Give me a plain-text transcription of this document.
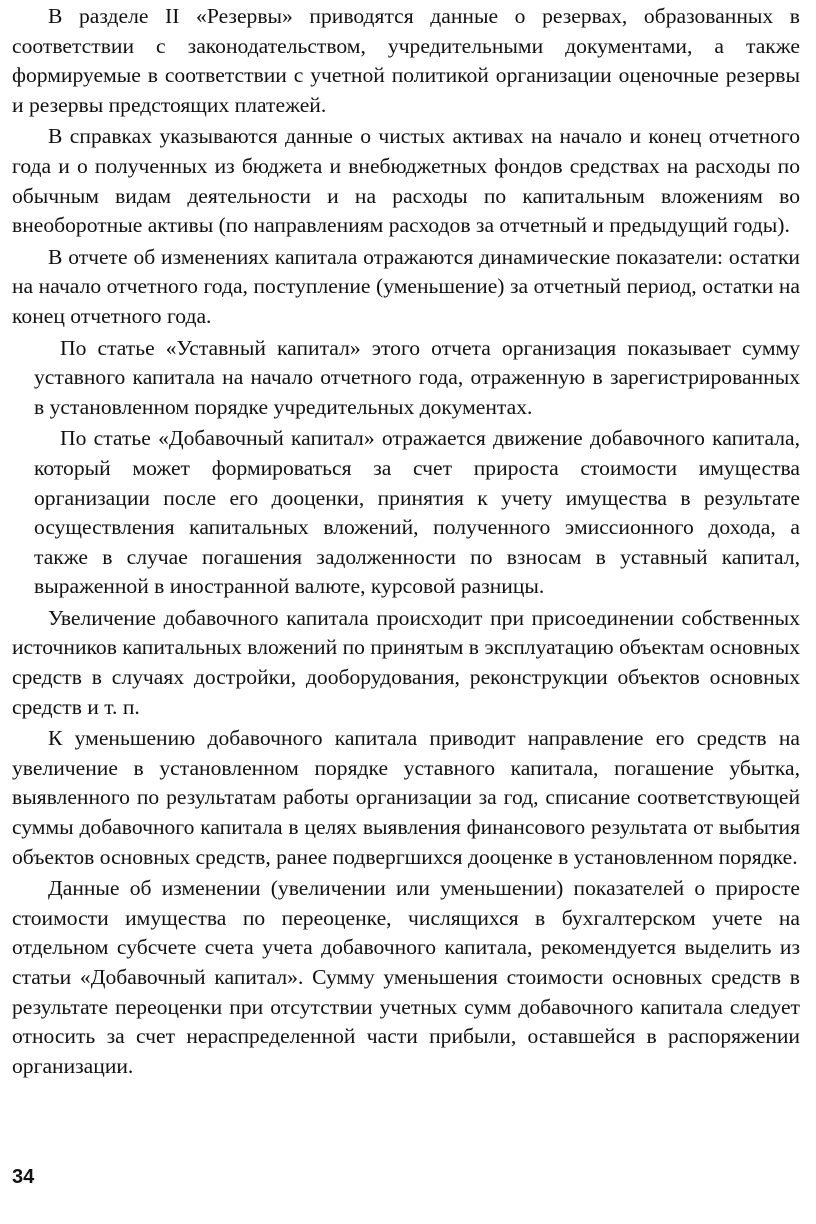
В разделе II «Резервы» приводятся данные о резервах, образованных в соответствии с законодательством, учредительными документами, а также формируемые в соответствии с учетной политикой организации оценочные резервы и резервы предстоящих платежей.

В справках указываются данные о чистых активах на начало и конец отчетного года и о полученных из бюджета и внебюджетных фондов средствах на расходы по обычным видам деятельности и на расходы по капитальным вложениям во внеоборотные активы (по направлениям расходов за отчетный и предыдущий годы).

В отчете об изменениях капитала отражаются динамические показатели: остатки на начало отчетного года, поступление (уменьшение) за отчетный период, остатки на конец отчетного года.

По статье «Уставный капитал» этого отчета организация показывает сумму уставного капитала на начало отчетного года, отраженную в зарегистрированных в установленном порядке учредительных документах.

По статье «Добавочный капитал» отражается движение добавочного капитала, который может формироваться за счет прироста стоимости имущества организации после его дооценки, принятия к учету имущества в результате осуществления капитальных вложений, полученного эмиссионного дохода, а также в случае погашения задолженности по взносам в уставный капитал, выраженной в иностранной валюте, курсовой разницы.

Увеличение добавочного капитала происходит при присоединении собственных источников капитальных вложений по принятым в эксплуатацию объектам основных средств в случаях достройки, дооборудования, реконструкции объектов основных средств и т. п.

К уменьшению добавочного капитала приводит направление его средств на увеличение в установленном порядке уставного капитала, погашение убытка, выявленного по результатам работы организации за год, списание соответствующей суммы добавочного капитала в целях выявления финансового результата от выбытия объектов основных средств, ранее подвергшихся дооценке в установленном порядке.

Данные об изменении (увеличении или уменьшении) показателей о приросте стоимости имущества по переоценке, числящихся в бухгалтерском учете на отдельном субсчете счета учета добавочного капитала, рекомендуется выделить из статьи «Добавочный капитал». Сумму уменьшения стоимости основных средств в результате переоценки при отсутствии учетных сумм добавочного капитала следует относить за счет нераспределенной части прибыли, оставшейся в распоряжении организации.

34
